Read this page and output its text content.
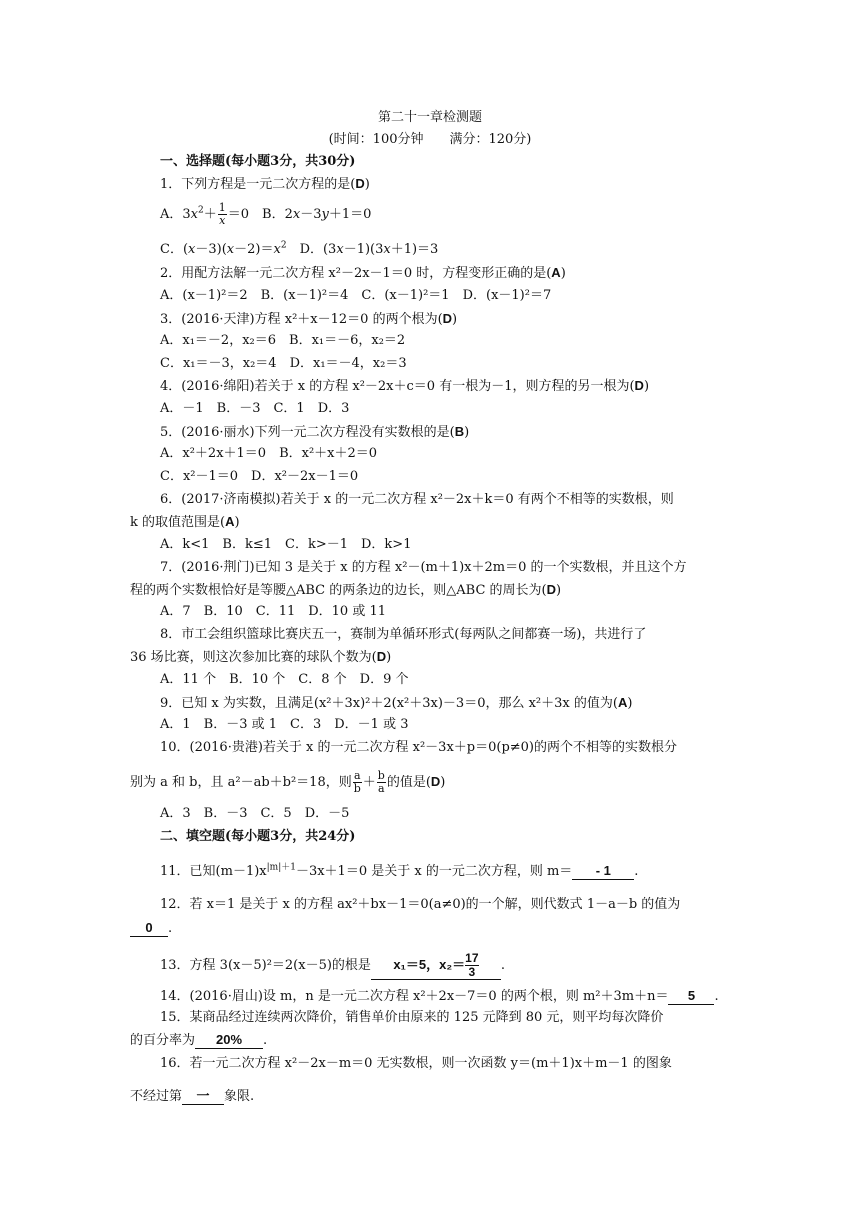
第二十一章检测题
(时间：100分钟　　满分：120分)
一、选择题(每小题3分，共30分)
1．下列方程是一元二次方程的是(D)
A．$3x^2+ \frac{1}{x} =0$　B．2x－3y＋1＝0
C．$(x-3)(x-2)=x^2$　D．(3x－1)(3x＋1)＝3
2．用配方法解一元二次方程 x²－2x－1＝0 时，方程变形正确的是(A)
A．(x－1)²＝2　B．(x－1)²＝4　C．(x－1)²＝1　D．(x－1)²＝7
3．(2016·天津)方程 x²＋x－12＝0 的两个根为(D)
A．x₁＝－2，x₂＝6　B．x₁＝－6，x₂＝2
C．x₁＝－3，x₂＝4　D．x₁＝－4，x₂＝3
4．(2016·绵阳)若关于 x 的方程 x²－2x＋c＝0 有一根为－1，则方程的另一根为(D)
A．－1　B．－3　C．1　D．3
5．(2016·丽水)下列一元二次方程没有实数根的是(B)
A．x²＋2x＋1＝0　B．x²＋x＋2＝0
C．x²－1＝0　D．x²－2x－1＝0
6．(2017·济南模拟)若关于 x 的一元二次方程 x²－2x＋k＝0 有两个不相等的实数根，则
k 的取值范围是(A)
A．k<1　B．k≤1　C．k>－1　D．k>1
7．(2016·荆门)已知 3 是关于 x 的方程 x²－(m＋1)x＋2m＝0 的一个实数根，并且这个方
程的两个实数根恰好是等腰△ABC 的两条边的边长，则△ABC 的周长为(D)
A．7　B．10　C．11　D．10 或 11
8．市工会组织篮球比赛庆五一，赛制为单循环形式(每两队之间都赛一场)，共进行了
36 场比赛，则这次参加比赛的球队个数为(D)
A．11 个　B．10 个　C．8 个　D．9 个
9．已知 x 为实数，且满足(x²＋3x)²＋2(x²＋3x)－3＝0，那么 x²＋3x 的值为(A)
A．1　B．－3 或 1　C．3　D．－1 或 3
10．(2016·贵港)若关于 x 的一元二次方程 x²－3x＋p＝0(p≠0)的两个不相等的实数根分
别为 a 和 b，且 a²－ab＋b²＝18，则 $\frac{a}{b} + \frac{b}{a}$ 的值是(D)
A．3　B．－3　C．5　D．－5
二、填空题(每小题3分，共24分)
11．已知$(m-1)x^{|m|+1}-3x+1=0$ 是关于 x 的一元二次方程，则 m＝ - 1 .
12．若 x＝1 是关于 x 的方程 ax²＋bx－1＝0(a≠0)的一个解，则代数式 1－a－b 的值为
0 .
13．方程 3(x－5)²＝2(x－5)的根是 x₁＝5，$x_2= \frac{17}{3}$ .
14．(2016·眉山)设 m，n 是一元二次方程 x²＋2x－7＝0 的两个根，则 m²＋3m＋n＝ 5 .
15．某商品经过连续两次降价，销售单价由原来的 125 元降到 80 元，则平均每次降价
的百分率为 20% .
16．若一元二次方程 x²－2x－m＝0 无实数根，则一次函数 y＝(m＋1)x＋m－1 的图象
不经过第 一 象限.
